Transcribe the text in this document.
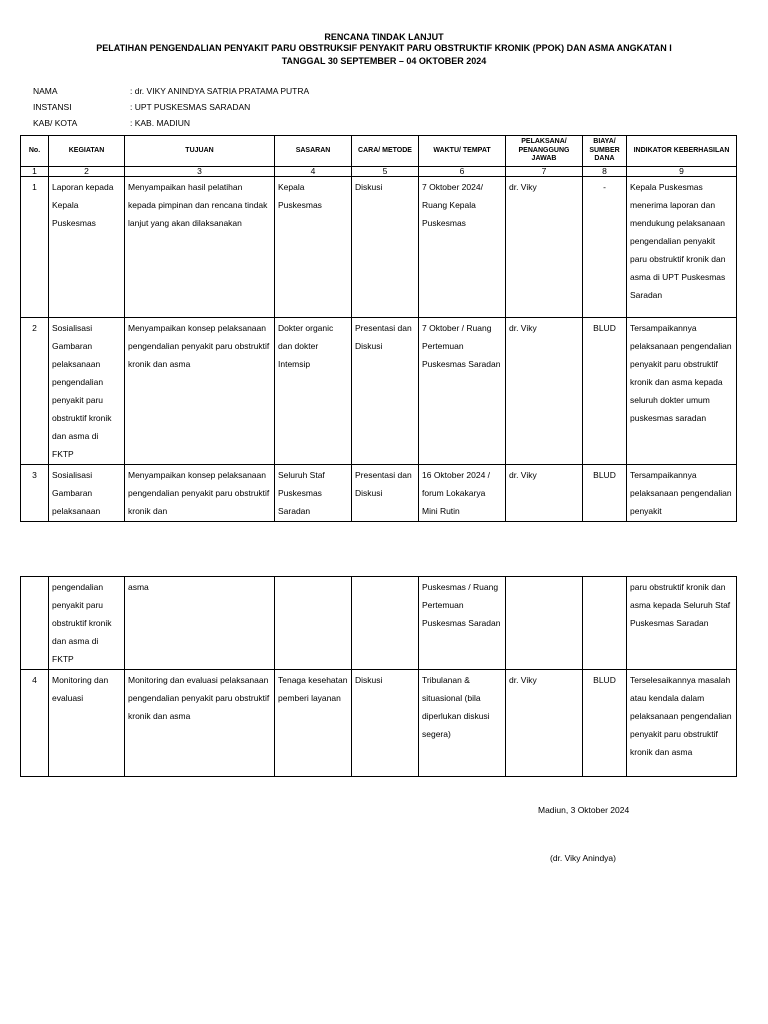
RENCANA TINDAK LANJUT
PELATIHAN PENGENDALIAN PENYAKIT PARU OBSTRUKSIF PENYAKIT PARU OBSTRUKTIF KRONIK (PPOK) DAN ASMA ANGKATAN I
TANGGAL 30 SEPTEMBER – 04 OKTOBER 2024
NAMA	: dr. VIKY ANINDYA SATRIA PRATAMA PUTRA
INSTANSI	: UPT PUSKESMAS SARADAN
KAB/ KOTA	: KAB. MADIUN
No.	KEGIATAN	TUJUAN	SASARAN	CARA/ METODE	WAKTU/ TEMPAT	PELAKSANA/ PENANGGUNG JAWAB	BIAYA/ SUMBER DANA	INDIKATOR KEBERHASILAN
1	2	3	4	5	6	7	8	9
1	Laporan kepada Kepala Puskesmas	Menyampaikan hasil pelatihan kepada pimpinan dan rencana tindak lanjut yang akan dilaksanakan	Kepala Puskesmas	Diskusi	7 Oktober 2024/ Ruang Kepala Puskesmas	dr. Viky	-	Kepala Puskesmas menerima laporan dan mendukung pelaksanaan pengendalian penyakit paru obstruktif kronik dan asma di UPT Puskesmas Saradan
2	Sosialisasi Gambaran pelaksanaan pengendalian penyakit paru obstruktif kronik dan asma di FKTP	Menyampaikan konsep pelaksanaan pengendalian penyakit paru obstruktif kronik dan asma	Dokter organic dan dokter Intemsip	Presentasi dan Diskusi	7 Oktober / Ruang Pertemuan Puskesmas Saradan	dr. Viky	BLUD	Tersampaikannya pelaksanaan pengendalian penyakit paru obstruktif kronik dan asma kepada seluruh dokter umum puskesmas saradan
3	Sosialisasi Gambaran pelaksanaan	Menyampaikan konsep pelaksanaan pengendalian penyakit paru obstruktif kronik dan	Seluruh Staf Puskesmas Saradan	Presentasi dan Diskusi	16 Oktober 2024 / forum Lokakarya Mini Rutin	dr. Viky	BLUD	Tersampaikannya pelaksanaan pengendalian penyakit
	pengendalian penyakit paru obstruktif kronik dan asma di FKTP	asma			Puskesmas / Ruang Pertemuan Puskesmas Saradan			paru obstruktif kronik dan asma kepada Seluruh Staf Puskesmas Saradan
4	Monitoring dan evaluasi	Monitoring dan evaluasi pelaksanaan pengendalian penyakit paru obstruktif kronik dan asma	Tenaga kesehatan pemberi layanan	Diskusi	Tribulanan & situasional (bila diperlukan diskusi segera)	dr. Viky	BLUD	Terselesaikannya masalah atau kendala dalam pelaksanaan pengendalian penyakit paru obstruktif kronik dan asma
Madiun, 3 Oktober 2024
(dr. Viky Anindya)
